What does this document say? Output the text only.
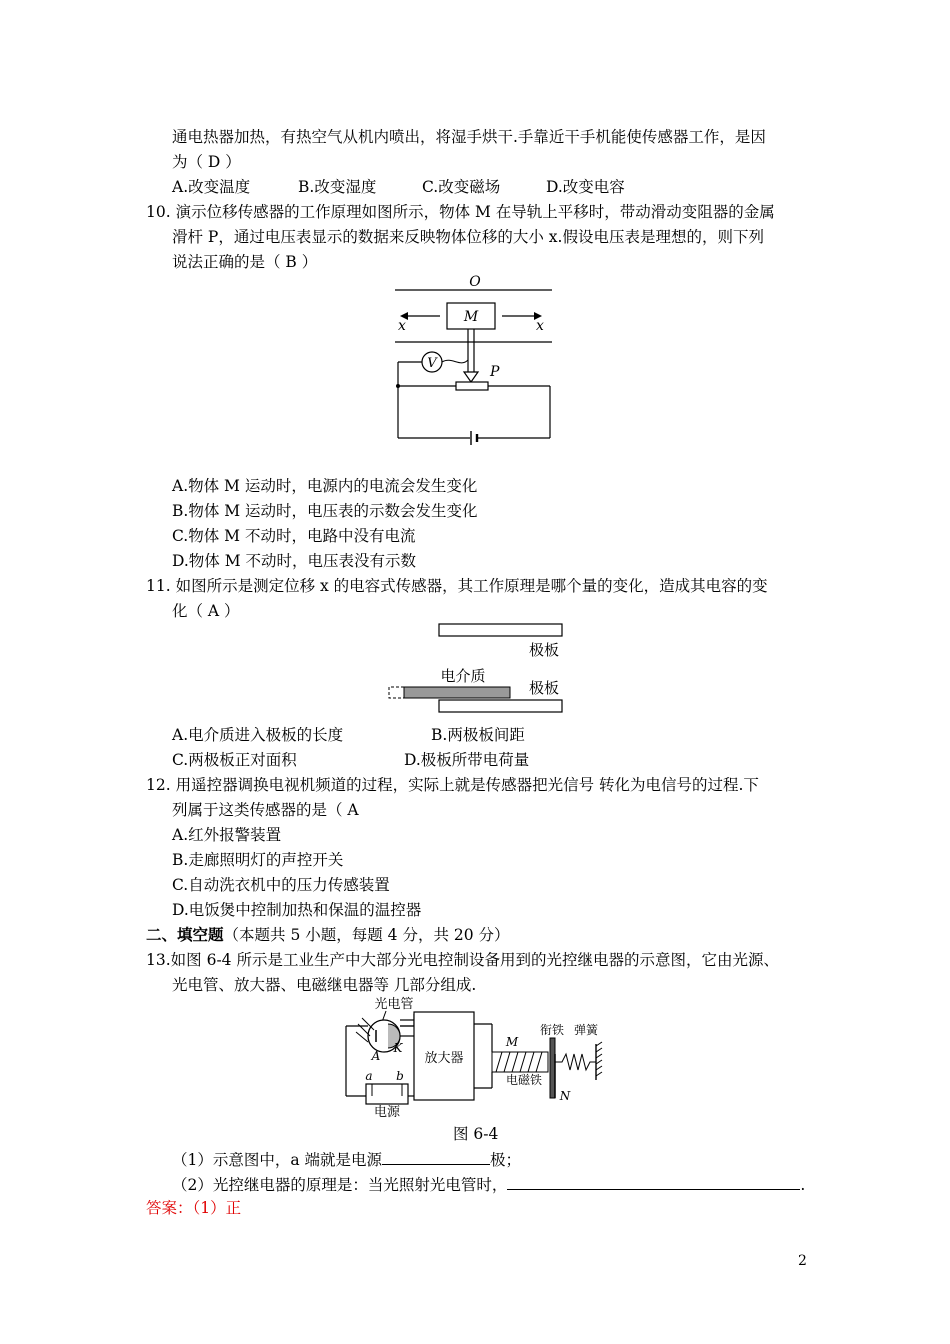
通电热器加热，有热空气从机内喷出，将湿手烘干.手靠近干手机能使传感器工作，是因
为（ D ）
A.改变温度	B.改变湿度	C.改变磁场	D.改变电容
10. 演示位移传感器的工作原理如图所示，物体 M 在导轨上平移时，带动滑动变阻器的金属
滑杆 P，通过电压表显示的数据来反映物体位移的大小 x.假设电压表是理想的，则下列
说法正确的是（ B ）
O
M
x	x
P
V
A.物体 M 运动时，电源内的电流会发生变化
B.物体 M 运动时，电压表的示数会发生变化
C.物体 M 不动时，电路中没有电流
D.物体 M 不动时，电压表没有示数
11. 如图所示是测定位移 x 的电容式传感器，其工作原理是哪个量的变化，造成其电容的变
化（ A ）
极板
电介质
极板
A.电介质进入极板的长度	B.两极板间距
C.两极板正对面积	D.极板所带电荷量
12. 用遥控器调换电视机频道的过程，实际上就是传感器把光信号 转化为电信号的过程.下
列属于这类传感器的是（ A
A.红外报警装置
B.走廊照明灯的声控开关
C.自动洗衣机中的压力传感装置
D.电饭煲中控制加热和保温的温控器
二、填空题（本题共 5 小题，每题 4 分，共 20 分）
13.如图 6-4 所示是工业生产中大部分光电控制设备用到的光控继电器的示意图，它由光源、
光电管、放大器、电磁继电器等 几部分组成.
光电管
A
K
a b
电源
放大器
M
电磁铁
衔铁 弹簧
N
图 6-4
（1）示意图中，a 端就是电源	极；
（2）光控继电器的原理是：当光照射光电管时，	.
答案：（1）正
2
